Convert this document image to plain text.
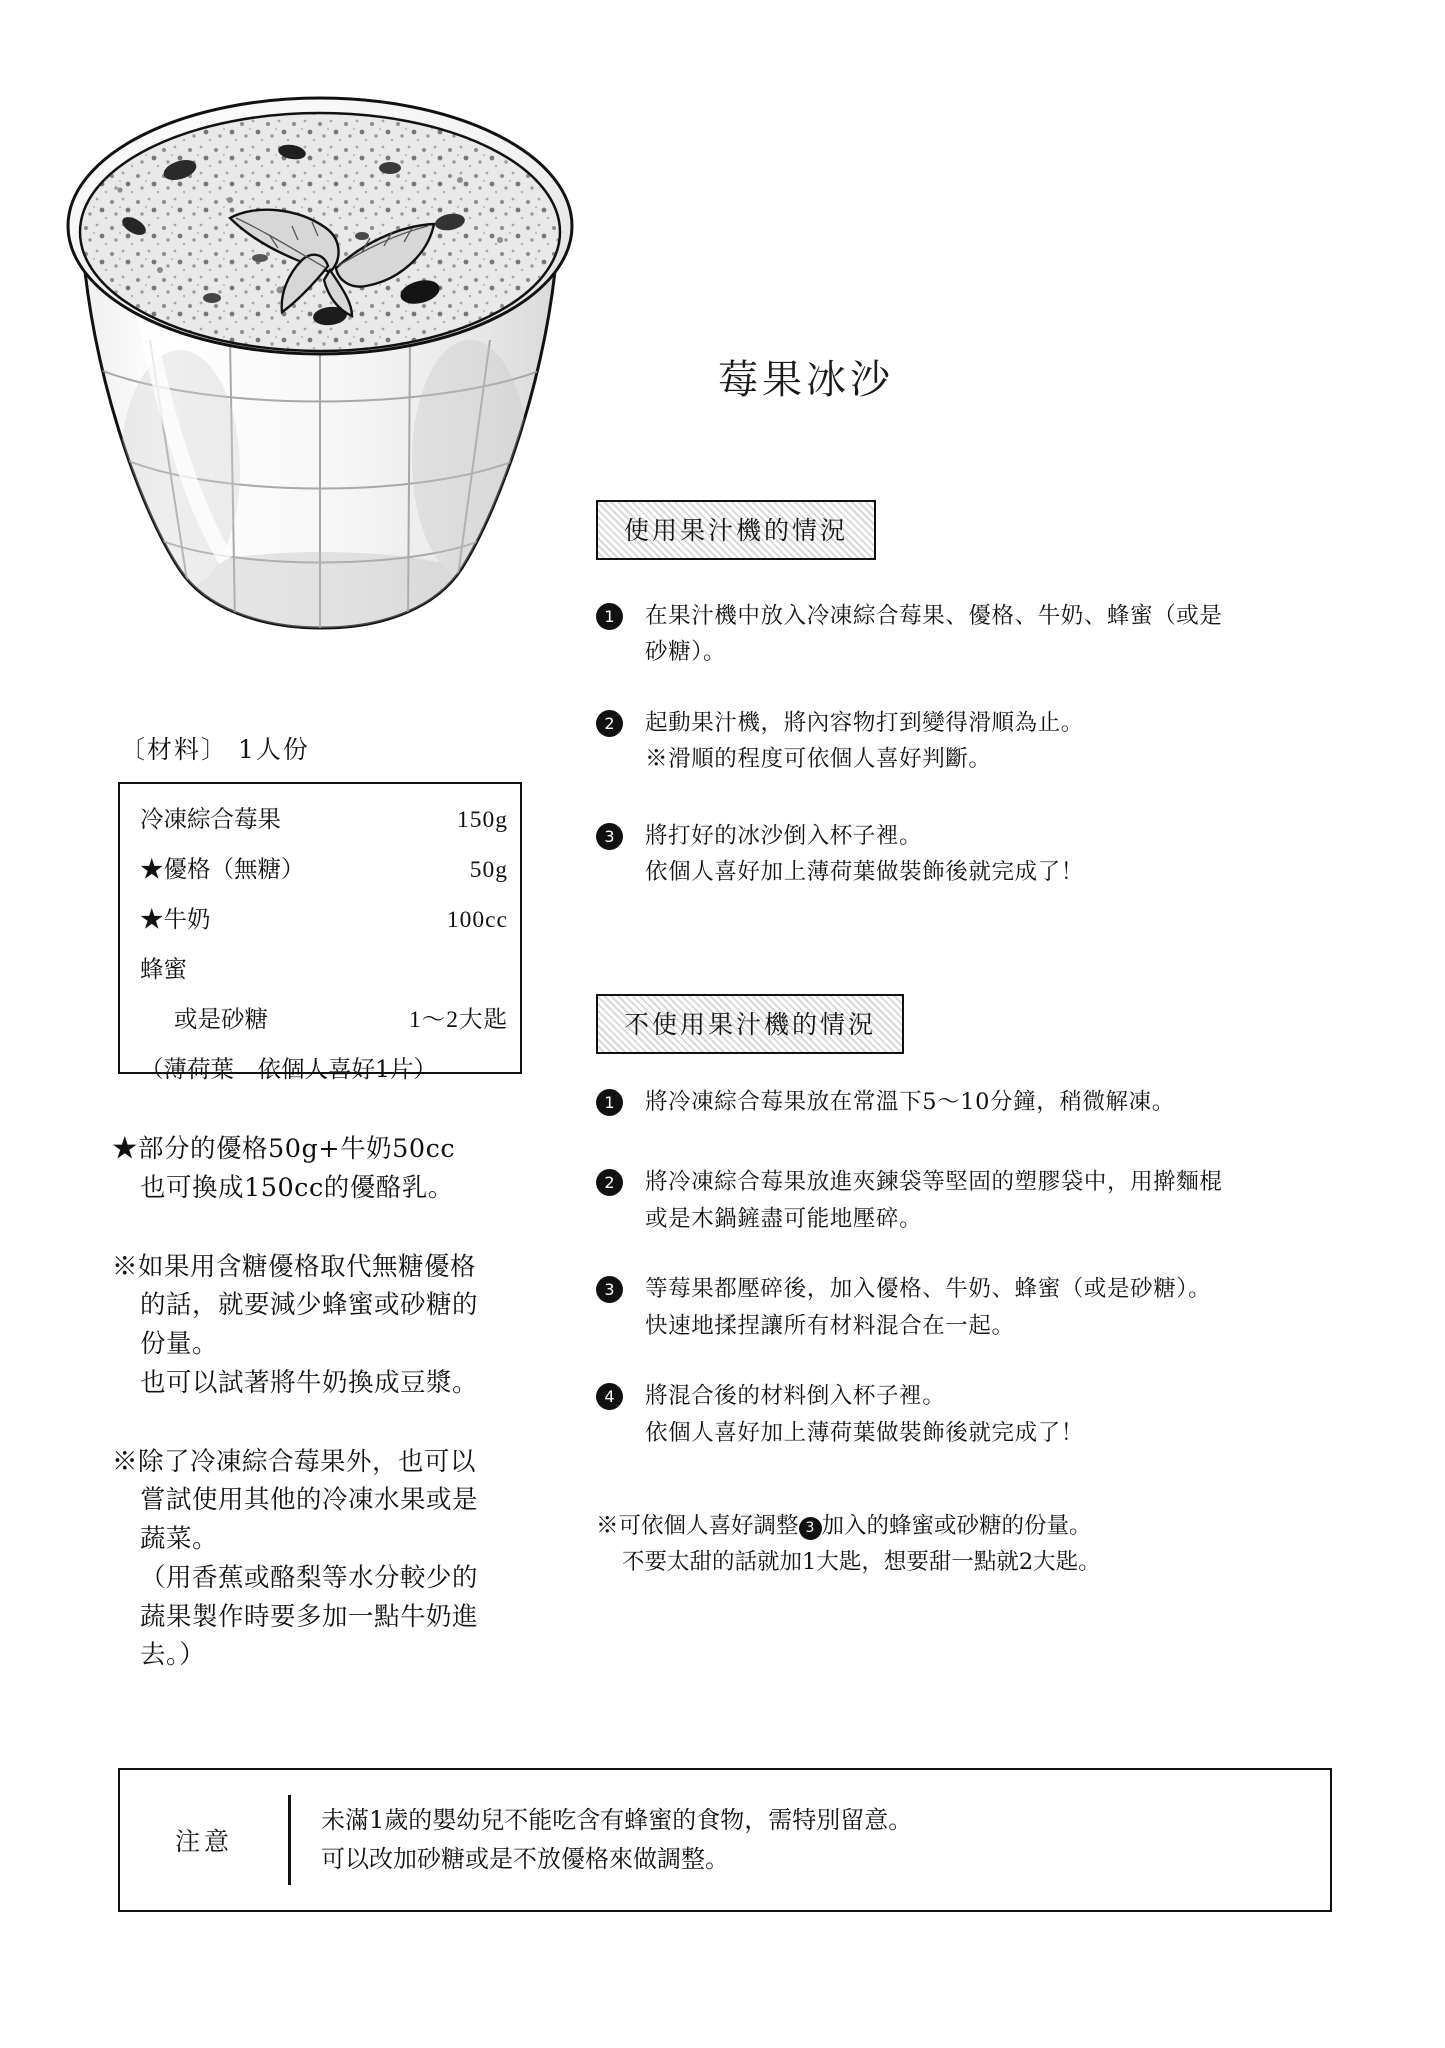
莓果冰沙
使用果汁機的情況
1	在果汁機中放入冷凍綜合莓果、優格、牛奶、蜂蜜（或是
砂糖）。
2	起動果汁機，將內容物打到變得滑順為止。
※滑順的程度可依個人喜好判斷。
3	將打好的冰沙倒入杯子裡。
依個人喜好加上薄荷葉做裝飾後就完成了！
不使用果汁機的情況
1	將冷凍綜合莓果放在常溫下5〜10分鐘，稍微解凍。
2	將冷凍綜合莓果放進夾鍊袋等堅固的塑膠袋中，用擀麵棍
或是木鍋鏟盡可能地壓碎。
3	等莓果都壓碎後，加入優格、牛奶、蜂蜜（或是砂糖）。
快速地揉捏讓所有材料混合在一起。
4	將混合後的材料倒入杯子裡。
依個人喜好加上薄荷葉做裝飾後就完成了！
※可依個人喜好調整 3 加入的蜂蜜或砂糖的份量。
不要太甜的話就加1大匙，想要甜一點就2大匙。
〔材料〕 1人份
冷凍綜合莓果	150g
★優格（無糖）	50g
★牛奶	100cc
蜂蜜
或是砂糖	1〜2大匙
（薄荷葉　依個人喜好1片）
★部分的優格50g+牛奶50cc
也可換成150cc的優酪乳。
※如果用含糖優格取代無糖優格
的話，就要減少蜂蜜或砂糖的
份量。
也可以試著將牛奶換成豆漿。
※除了冷凍綜合莓果外，也可以
嘗試使用其他的冷凍水果或是
蔬菜。
（用香蕉或酪梨等水分較少的
蔬果製作時要多加一點牛奶進
去。）
注意
未滿1歲的嬰幼兒不能吃含有蜂蜜的食物，需特別留意。
可以改加砂糖或是不放優格來做調整。
